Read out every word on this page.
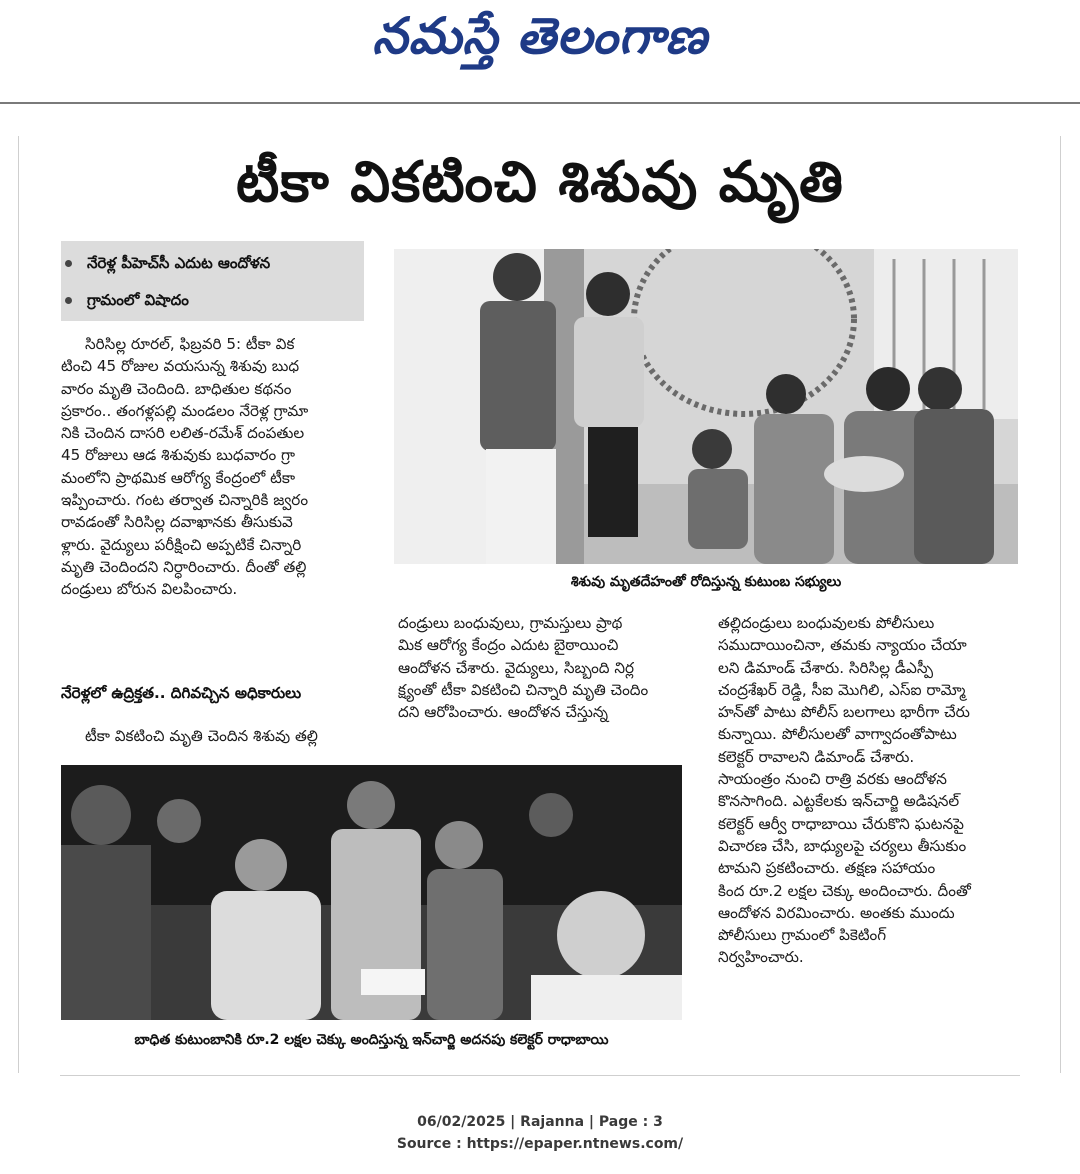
నమస్తే తెలంగాణ
టీకా వికటించి శిశువు మృతి
నేరెళ్ల పీహెచ్‌సీ ఎదుట ఆందోళన
గ్రామంలో విషాదం
సిరిసిల్ల రూరల్, ఫిబ్రవరి 5: టీకా విక
టించి 45 రోజుల వయసున్న శిశువు బుధ
వారం మృతి చెందింది. బాధితుల కథనం
ప్రకారం.. తంగళ్లపల్లి మండలం నేరెళ్ల గ్రామా
నికి చెందిన దాసరి లలిత-రమేశ్ దంపతుల
45 రోజులు ఆడ శిశువుకు బుధవారం గ్రా
మంలోని ప్రాథమిక ఆరోగ్య కేంద్రంలో టీకా
ఇప్పించారు. గంట తర్వాత చిన్నారికి జ్వరం
రావడంతో సిరిసిల్ల దవాఖానకు తీసుకువె
ళ్లారు. వైద్యులు పరీక్షించి అప్పటికే చిన్నారి
మృతి చెందిందని నిర్ధారించారు. దీంతో తల్లి
దండ్రులు బోరున విలపించారు.
నేరెళ్లలో ఉద్రిక్తత.. దిగివచ్చిన అధికారులు
టీకా వికటించి మృతి చెందిన శిశువు తల్లి
శిశువు మృతదేహంతో రోదిస్తున్న కుటుంబ సభ్యులు
దండ్రులు బంధువులు, గ్రామస్తులు ప్రాథ
మిక ఆరోగ్య కేంద్రం ఎదుట బైఠాయించి
ఆందోళన చేశారు. వైద్యులు, సిబ్బంది నిర్ల
క్ష్యంతో టీకా వికటించి చిన్నారి మృతి చెందిం
దని ఆరోపించారు. ఆందోళన చేస్తున్న
తల్లిదండ్రులు బంధువులకు పోలీసులు
సముదాయించినా, తమకు న్యాయం చేయా
లని డిమాండ్ చేశారు. సిరిసిల్ల డీఎస్పీ
చంద్రశేఖర్ రెడ్డి, సీఐ మొగిలి, ఎస్ఐ రామ్మో
హన్‌తో పాటు పోలీస్ బలగాలు భారీగా చేరు
కున్నాయి. పోలీసులతో వాగ్వాదంతోపాటు
కలెక్టర్ రావాలని డిమాండ్ చేశారు.
సాయంత్రం నుంచి రాత్రి వరకు ఆందోళన
కొనసాగింది. ఎట్టకేలకు ఇన్‌చార్జి అడిషనల్
కలెక్టర్ ఆర్వీ రాధాబాయి చేరుకొని ఘటనపై
విచారణ చేసి, బాధ్యులపై చర్యలు తీసుకుం
టామని ప్రకటించారు. తక్షణ సహాయం
కింద రూ.2 లక్షల చెక్కు అందించారు. దీంతో
ఆందోళన విరమించారు. అంతకు ముందు
పోలీసులు గ్రామంలో పికెటింగ్
నిర్వహించారు.
బాధిత కుటుంబానికి రూ.2 లక్షల చెక్కు అందిస్తున్న ఇన్‌చార్జి అదనపు కలెక్టర్ రాధాబాయి
06/02/2025 | Rajanna | Page : 3
Source : https://epaper.ntnews.com/
